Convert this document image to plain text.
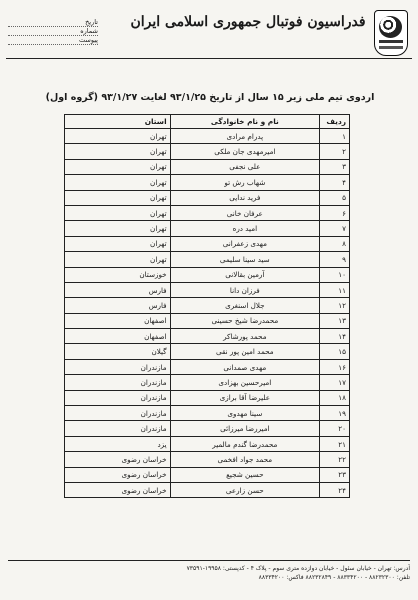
تاریخ
شماره
پیوست
فدراسیون فوتبال جمهوری اسلامی ایران
اردوی تیم ملی زیر ۱۵ سال از تاریخ ۹۳/۱/۲۵ لغایت ۹۳/۱/۲۷ (گروه اول)
ردیف	نام و نام خانوادگی	استان
۱	پدرام مرادی	تهران
۲	امیرمهدی جان ملکی	تهران
۳	علی نجفی	تهران
۴	شهاب رش تو	تهران
۵	فرید ندایی	تهران
۶	عرفان خانی	تهران
۷	امید دره	تهران
۸	مهدی زعفرانی	تهران
۹	سید سینا سلیمی	تهران
۱۰	آرمین بقالانی	خوزستان
۱۱	فرزان دانا	فارس
۱۲	جلال اسنغری	فارس
۱۳	محمدرضا شیخ حسینی	اصفهان
۱۴	محمد پورشاکر	اصفهان
۱۵	محمد امین پور نقی	گیلان
۱۶	مهدی صمدانی	مازندران
۱۷	امیرحسین بهزادی	مازندران
۱۸	علیرضا آقا برازی	مازندران
۱۹	سینا مهدوی	مازندران
۲۰	امیررضا میرزائی	مازندران
۲۱	محمدرضا گندم مالمیر	یزد
۲۲	محمد جواد افخمی	خراسان رضوی
۲۳	حسین شجیع	خراسان رضوی
۲۴	حسن زارعی	خراسان رضوی
آدرس: تهران - خیابان سئول - خیابان دوازده متری سوم - پلاک ۴ - کدپستی: ۱۹۹۵۸-۷۳۵۹۱
تلفن: ۸۸۲۳۲۳۰۰ - ۸۸۳۳۴۲۰۰ - ۸۸۲۳۲۸۴۹ فاکس: ۸۸۳۳۴۲۰۰
